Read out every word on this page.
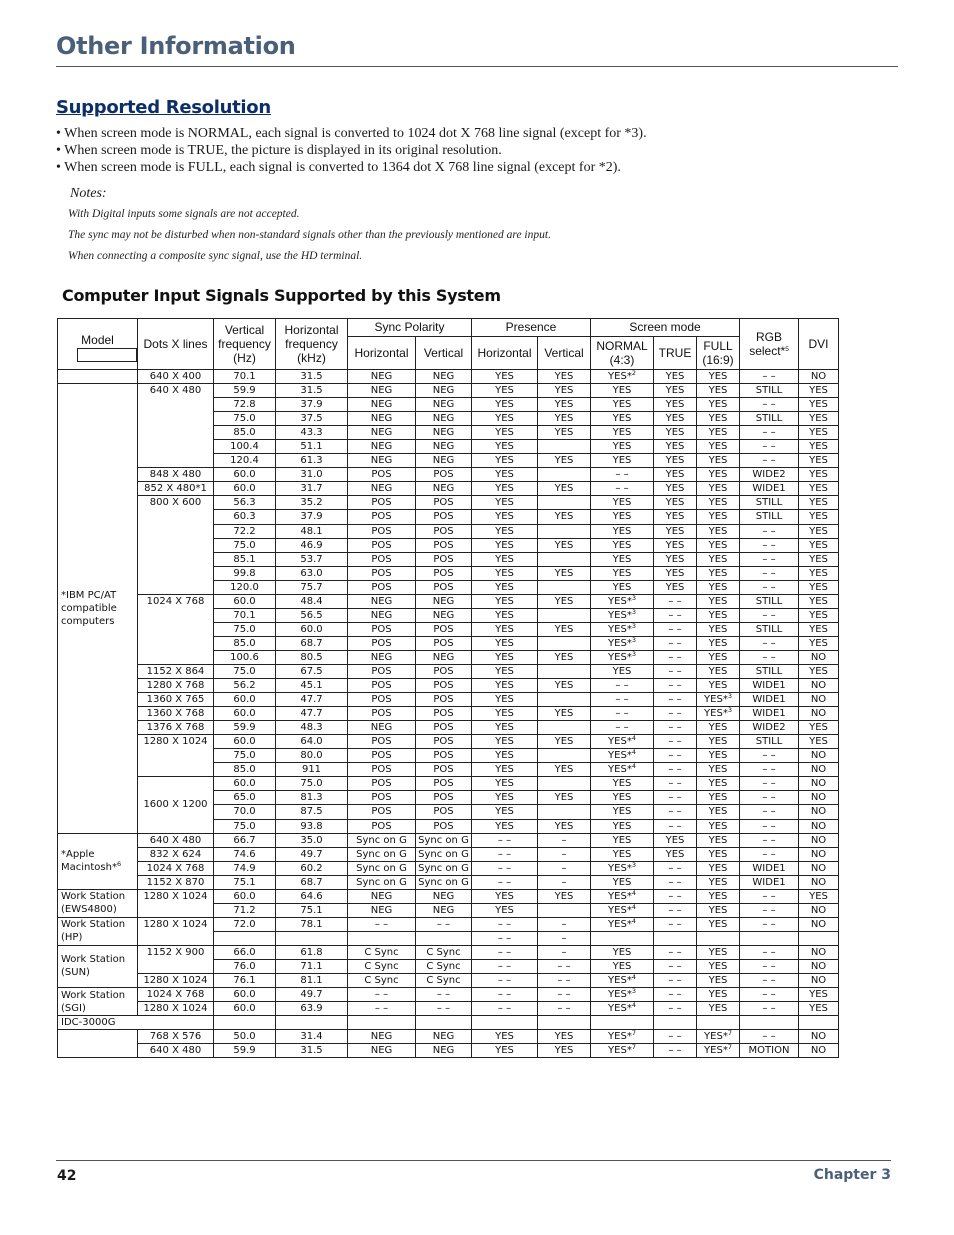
Other Information
Supported Resolution
• When screen mode is NORMAL, each signal is converted to 1024 dot X 768 line signal (except for *3).
• When screen mode is TRUE, the picture is displayed in its original resolution.
• When screen mode is FULL, each signal is converted to 1364 dot X 768 line signal (except for *2).
Notes:
With Digital inputs some signals are not accepted.
The sync may not be disturbed when non-standard signals other than the previously mentioned are input.
When connecting a composite sync signal, use the HD terminal.
Computer Input Signals Supported by this System
Model	Dots X lines	Vertical frequency (Hz)	Horizontal frequency (kHz)	Sync Polarity		Presence		Screen mode			RGB select*$^5$	DVI
				Horizontal	Vertical	Horizontal	Vertical	NORMAL (4:3)	TRUE	FULL (16:9)		
	640 X 400	70.1	31.5	NEG	NEG	YES	YES	YES*$^2$	YES	YES	– –	NO
*IBM PC/AT compatible computers	640 X 480	59.9	31.5	NEG	NEG	YES	YES	YES	YES	YES	STILL	YES
		72.8	37.9	NEG	NEG	YES	YES	YES	YES	YES	– –	YES
		75.0	37.5	NEG	NEG	YES	YES	YES	YES	YES	STILL	YES
		85.0	43.3	NEG	NEG	YES	YES	YES	YES	YES	– –	YES
		100.4	51.1	NEG	NEG	YES		YES	YES	YES	– –	YES
		120.4	61.3	NEG	NEG	YES	YES	YES	YES	YES	– –	YES
	848 X 480	60.0	31.0	POS	POS	YES		– –	YES	YES	WIDE2	YES
	852 X 480*1	60.0	31.7	NEG	NEG	YES	YES	– –	YES	YES	WIDE1	YES
	800 X 600	56.3	35.2	POS	POS	YES		YES	YES	YES	STILL	YES
		60.3	37.9	POS	POS	YES	YES	YES	YES	YES	STILL	YES
		72.2	48.1	POS	POS	YES		YES	YES	YES	– –	YES
		75.0	46.9	POS	POS	YES	YES	YES	YES	YES	– –	YES
		85.1	53.7	POS	POS	YES		YES	YES	YES	– –	YES
		99.8	63.0	POS	POS	YES	YES	YES	YES	YES	– –	YES
		120.0	75.7	POS	POS	YES		YES	YES	YES	– –	YES
	1024 X 768	60.0	48.4	NEG	NEG	YES	YES	YES*$^3$	– –	YES	STILL	YES
		70.1	56.5	NEG	NEG	YES		YES*$^3$	– –	YES	– –	YES
		75.0	60.0	POS	POS	YES	YES	YES*$^3$	– –	YES	STILL	YES
		85.0	68.7	POS	POS	YES		YES*$^3$	– –	YES	– –	YES
		100.6	80.5	NEG	NEG	YES	YES	YES*$^3$	– –	YES	– –	NO
	1152 X 864	75.0	67.5	POS	POS	YES		YES	– –	YES	STILL	YES
	1280 X 768	56.2	45.1	POS	POS	YES	YES	– –	– –	YES	WIDE1	NO
	1360 X 765	60.0	47.7	POS	POS	YES		– –	– –	YES*$^3$	WIDE1	NO
	1360 X 768	60.0	47.7	POS	POS	YES	YES	– –	– –	YES*$^3$	WIDE1	NO
	1376 X 768	59.9	48.3	NEG	POS	YES		– –	– –	YES	WIDE2	YES
	1280 X 1024	60.0	64.0	POS	POS	YES	YES	YES*$^4$	– –	YES	STILL	YES
		75.0	80.0	POS	POS	YES		YES*$^4$	– –	YES	– –	NO
		85.0	911	POS	POS	YES	YES	YES*$^4$	– –	YES	– –	NO
	1600 X 1200	60.0	75.0	POS	POS	YES		YES	– –	YES	– –	NO
		65.0	81.3	POS	POS	YES	YES	YES	– –	YES	– –	NO
		70.0	87.5	POS	POS	YES		YES	– –	YES	– –	NO
		75.0	93.8	POS	POS	YES	YES	YES	– –	YES	– –	NO
*Apple Macintosh*$^6$	640 X 480	66.7	35.0	Sync on G	Sync on G	– –	–	YES	YES	YES	– –	NO
	832 X 624	74.6	49.7	Sync on G	Sync on G	– –	–	YES	YES	YES	– –	NO
	1024 X 768	74.9	60.2	Sync on G	Sync on G	– –	–	YES*$^3$	– –	YES	WIDE1	NO
	1152 X 870	75.1	68.7	Sync on G	Sync on G	– –	–	YES	– –	YES	WIDE1	NO
Work Station (EWS4800)	1280 X 1024	60.0	64.6	NEG	NEG	YES	YES	YES*$^4$	– –	YES	– –	YES
		71.2	75.1	NEG	NEG	YES		YES*$^4$	– –	YES	– –	NO
Work Station (HP)	1280 X 1024	72.0	78.1	– –	– –	– –	–	YES*$^4$	– –	YES	– –	NO
						– –	–					
Work Station (SUN)	1152 X 900	66.0	61.8	C Sync	C Sync	– –	–	YES	– –	YES	– –	NO
		76.0	71.1	C Sync	C Sync	– –	– –	YES	– –	YES	– –	NO
	1280 X 1024	76.1	81.1	C Sync	C Sync	– –	– –	YES*$^4$	– –	YES	– –	NO
Work Station (SGI)	1024 X 768	60.0	49.7	– –	– –	– –	– –	YES*$^3$	– –	YES	– –	YES
	1280 X 1024	60.0	63.9	– –	– –	– –	– –	YES*$^4$	– –	YES	– –	YES
IDC-3000G												

	768 X 576	50.0	31.4	NEG	NEG	YES	YES	YES*$^7$	– –	YES*$^7$	– –	NO
	640 X 480	59.9	31.5	NEG	NEG	YES	YES	YES*$^7$	– –	YES*$^7$	MOTION	NO
42	Chapter 3
